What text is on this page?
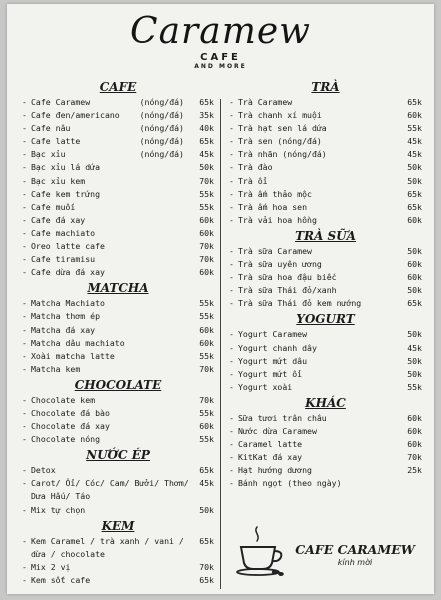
Caramew
CAFE
AND MORE
CAFE
- Cafe Caramew	(nóng/đá)	65k
- Cafe đen/americano	(nóng/đá)	35k
- Cafe nâu	(nóng/đá)	40k
- Cafe latte	(nóng/đá)	65k
- Bạc xỉu	(nóng/đá)	45k
- Bạc xỉu lá dứa	50k
- Bạc xỉu kem	70k
- Cafe kem trứng	55k
- Cafe muối	55k
- Cafe đá xay	60k
- Cafe machiato	60k
- Oreo latte cafe	70k
- Cafe tiramisu	70k
- Cafe dừa đá xay	60k
MATCHA
- Matcha Machiato	55k
- Matcha thơm ép	55k
- Matcha đá xay	60k
- Matcha dâu machiato	60k
- Xoài matcha latte	55k
- Matcha kem	70k
CHOCOLATE
- Chocolate kem	70k
- Chocolate đá bào	55k
- Chocolate đá xay	60k
- Chocolate nóng	55k
NƯỚC ÉP
- Detox	65k
- Carot/ Ổi/ Cóc/ Cam/ Bưởi/ Thơm/ Dưa Hấu/ Táo
45k
- Mix tự chọn	50k
KEM
- Kem Caramel / trà xanh / vani / dừa / chocolate
65k
- Mix 2 vị	70k
- Kem sốt cafe	65k
TRÀ
- Trà Caramew	65k
- Trà chanh xí muội	60k
- Trà hạt sen lá dứa	55k
- Trà sen (nóng/đá)	45k
- Trà nhãn (nóng/đá)	45k
- Trà đào	50k
- Trà ổi	50k
- Trà ấm thảo mộc	65k
- Trà ấm hoa sen	65k
- Trà vải hoa hồng	60k
TRÀ SỮA
- Trà sữa Caramew	50k
- Trà sữa uyên ương	60k
- Trà sữa hoa đậu biếc	60k
- Trà sữa Thái đỏ/xanh	50k
- Trà sữa Thái đỏ kem nướng	65k
YOGURT
- Yogurt Caramew	50k
- Yogurt chanh dây	45k
- Yogurt mứt dâu	50k
- Yogurt mứt ổi	50k
- Yogurt xoài	55k
KHÁC
- Sữa tươi trân châu	60k
- Nước dừa Caramew	60k
- Caramel latte	60k
- KitKat đá xay	70k
- Hạt hướng dương	25k
- Bánh ngọt (theo ngày)
CAFE CARAMEW
kính mời
